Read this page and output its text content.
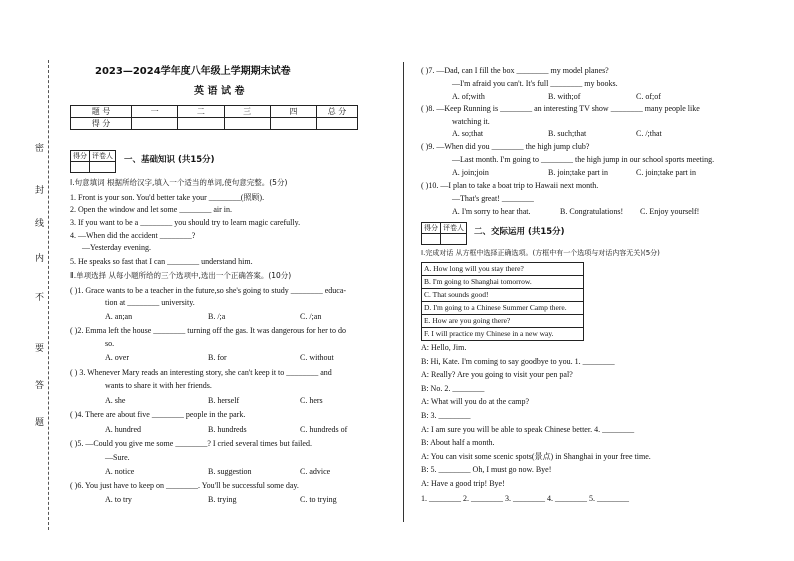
密
封
线
内
不
要
答
题
2023—2024学年度八年级上学期期末试卷
英 语 试 卷
题 号	一	二	三	四	总 分
得 分					
得分	评卷人
	一、基础知识 (共15分)
Ⅰ.句意填词 根据所给汉字,填入一个适当的单词,使句意完整。(5分)
1. Front is your son. You'd better take your ________(照顾).
2. Open the window and let some ________ air in.
3. If you want to be a ________ you should try to learn magic carefully.
4. —When did the accident ________?
—Yesterday evening.
5. He speaks so fast that I can ________ understand him.
Ⅱ.单项选择 从每小题所给的三个选项中,选出一个正确答案。(10分)
( )1. Grace wants to be a teacher in the future,so she's going to study ________ educa-
tion at ________ university.
A. an;an	B. /;a	C. /;an
( )2. Emma left the house ________ turning off the gas. It was dangerous for her to do
so.
A. over	B. for	C. without
( ) 3. Whenever Mary reads an interesting story, she can't keep it to ________ and
wants to share it with her friends.
A. she	B. herself	C. hers
( )4. There are about five ________ people in the park.
A. hundred	B. hundreds	C. hundreds of
( )5. —Could you give me some ________? I cried several times but failed.
—Sure.
A. notice	B. suggestion	C. advice
( )6. You just have to keep on ________. You'll be successful some day.
A. to try	B. trying	C. to trying
( )7. —Dad, can I fill the box ________ my model planes?
—I'm afraid you can't. It's full ________ my books.
A. of;with	B. with;of	C. of;of
( )8. —Keep Running is ________ an interesting TV show ________ many people like
watching it.
A. so;that	B. such;that	C. /;that
( )9. —When did you ________ the high jump club?
—Last month. I'm going to ________ the high jump in our school sports meeting.
A. join;join	B. join;take part in	C. join;take part in
( )10. —I plan to take a boat trip to Hawaii next month.
—That's great! ________
A. I'm sorry to hear that.	B. Congratulations! C. Enjoy yourself!
得分	评卷人
	二、交际运用 (共15分)
Ⅰ.完成对话 从方框中选择正确选项。(方框中有一个选项与对话内容无关)(5分)
A. How long will you stay there?
B. I'm going to Shanghai tomorrow.
C. That sounds good!
D. I'm going to a Chinese Summer Camp there.
E. How are you going there?
F. I will practice my Chinese in a new way.
A: Hello, Jim.
B: Hi, Kate. I'm coming to say goodbye to you. 1. ________
A: Really? Are you going to visit your pen pal?
B: No. 2. ________
A: What will you do at the camp?
B: 3. ________
A: I am sure you will be able to speak Chinese better. 4. ________
B: About half a month.
A: You can visit some scenic spots(景点) in Shanghai in your free time.
B: 5. ________ Oh, I must go now. Bye!
A: Have a good trip! Bye!
1. ________ 2. ________ 3. ________ 4. ________ 5. ________
